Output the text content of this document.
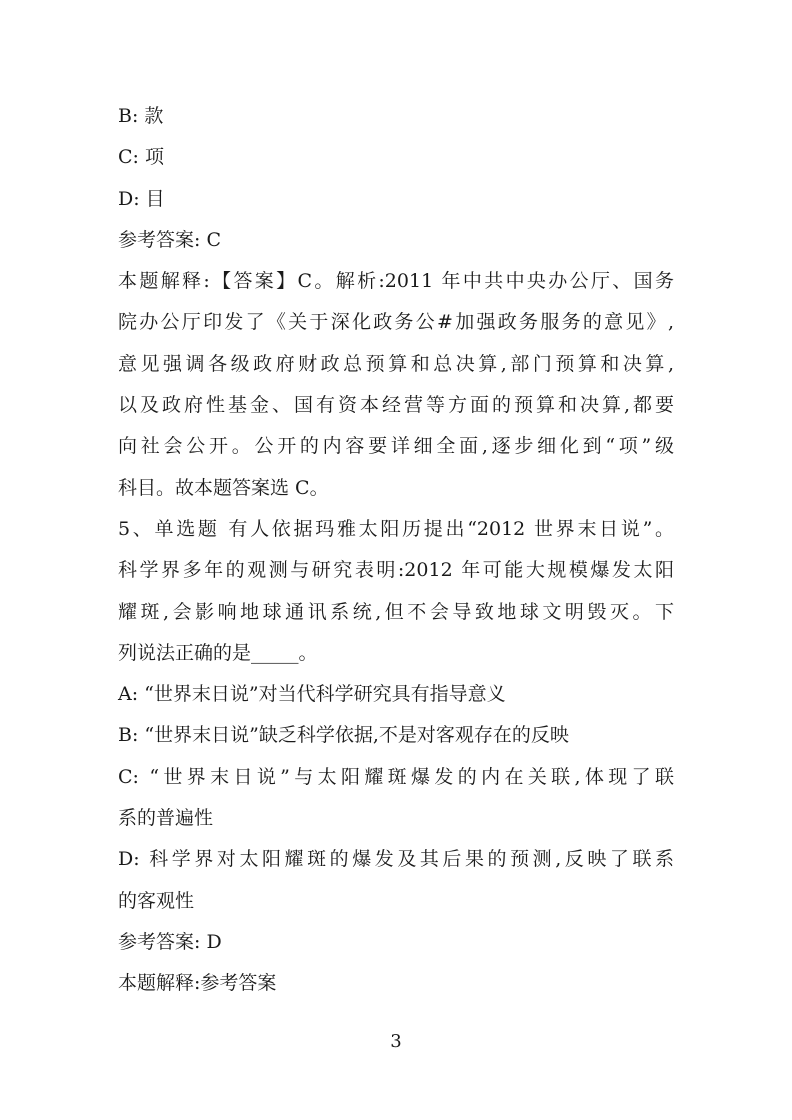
B: 款
C: 项
D: 目
参考答案: C
本题解释:【答案】C。解析:2011 年中共中央办公厅、国务
院办公厅印发了《关于深化政务公#加强政务服务的意见》,
意见强调各级政府财政总预算和总决算,部门预算和决算,
以及政府性基金、国有资本经营等方面的预算和决算,都要
向社会公开。公开的内容要详细全面,逐步细化到“项”级
科目。故本题答案选 C。
5、单选题 有人依据玛雅太阳历提出“2012 世界末日说”。
科学界多年的观测与研究表明:2012 年可能大规模爆发太阳
耀斑,会影响地球通讯系统,但不会导致地球文明毁灭。下
列说法正确的是_____。
A: “世界末日说”对当代科学研究具有指导意义
B: “世界末日说”缺乏科学依据,不是对客观存在的反映
C: “世界末日说”与太阳耀斑爆发的内在关联,体现了联
系的普遍性
D: 科学界对太阳耀斑的爆发及其后果的预测,反映了联系
的客观性
参考答案: D
本题解释:参考答案
3
